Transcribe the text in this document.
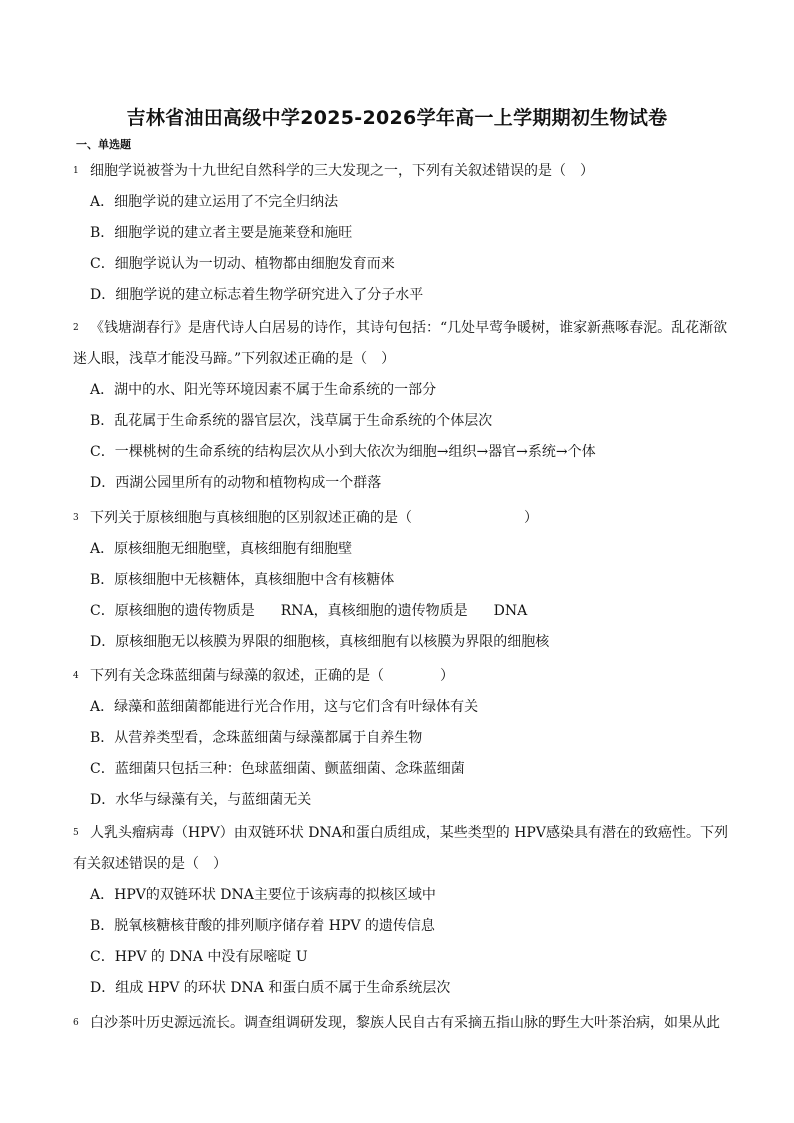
吉林省油田高级中学2025-2026学年高一上学期期初生物试卷
一、单选题
1 细胞学说被誉为十九世纪自然科学的三大发现之一，下列有关叙述错误的是（　）
A．细胞学说的建立运用了不完全归纳法
B．细胞学说的建立者主要是施莱登和施旺
C．细胞学说认为一切动、植物都由细胞发育而来
D．细胞学说的建立标志着生物学研究进入了分子水平
2 《钱塘湖春行》是唐代诗人白居易的诗作，其诗句包括：“几处早莺争暖树，谁家新燕啄春泥。乱花渐欲
迷人眼，浅草才能没马蹄。”下列叙述正确的是（　）
A．湖中的水、阳光等环境因素不属于生命系统的一部分
B．乱花属于生命系统的器官层次，浅草属于生命系统的个体层次
C．一棵桃树的生命系统的结构层次从小到大依次为细胞→组织→器官→系统→个体
D．西湖公园里所有的动物和植物构成一个群落
3 下列关于原核细胞与真核细胞的区别叙述正确的是（　　　　　　　　）
A．原核细胞无细胞壁，真核细胞有细胞壁
B．原核细胞中无核糖体，真核细胞中含有核糖体
C．原核细胞的遗传物质是 RNA，真核细胞的遗传物质是 DNA
D．原核细胞无以核膜为界限的细胞核，真核细胞有以核膜为界限的细胞核
4 下列有关念珠蓝细菌与绿藻的叙述，正确的是（　　　　）
A．绿藻和蓝细菌都能进行光合作用，这与它们含有叶绿体有关
B．从营养类型看，念珠蓝细菌与绿藻都属于自养生物
C．蓝细菌只包括三种：色球蓝细菌、颤蓝细菌、念珠蓝细菌
D．水华与绿藻有关，与蓝细菌无关
5 人乳头瘤病毒（HPV）由双链环状 DNA和蛋白质组成，某些类型的 HPV感染具有潜在的致癌性。下列
有关叙述错误的是（　）
A．HPV的双链环状 DNA主要位于该病毒的拟核区域中
B．脱氧核糖核苷酸的排列顺序储存着 HPV 的遗传信息
C．HPV 的 DNA 中没有尿嘧啶 U
D．组成 HPV 的环状 DNA 和蛋白质不属于生命系统层次
6 白沙茶叶历史源远流长。调查组调研发现，黎族人民自古有采摘五指山脉的野生大叶茶治病，如果从此
